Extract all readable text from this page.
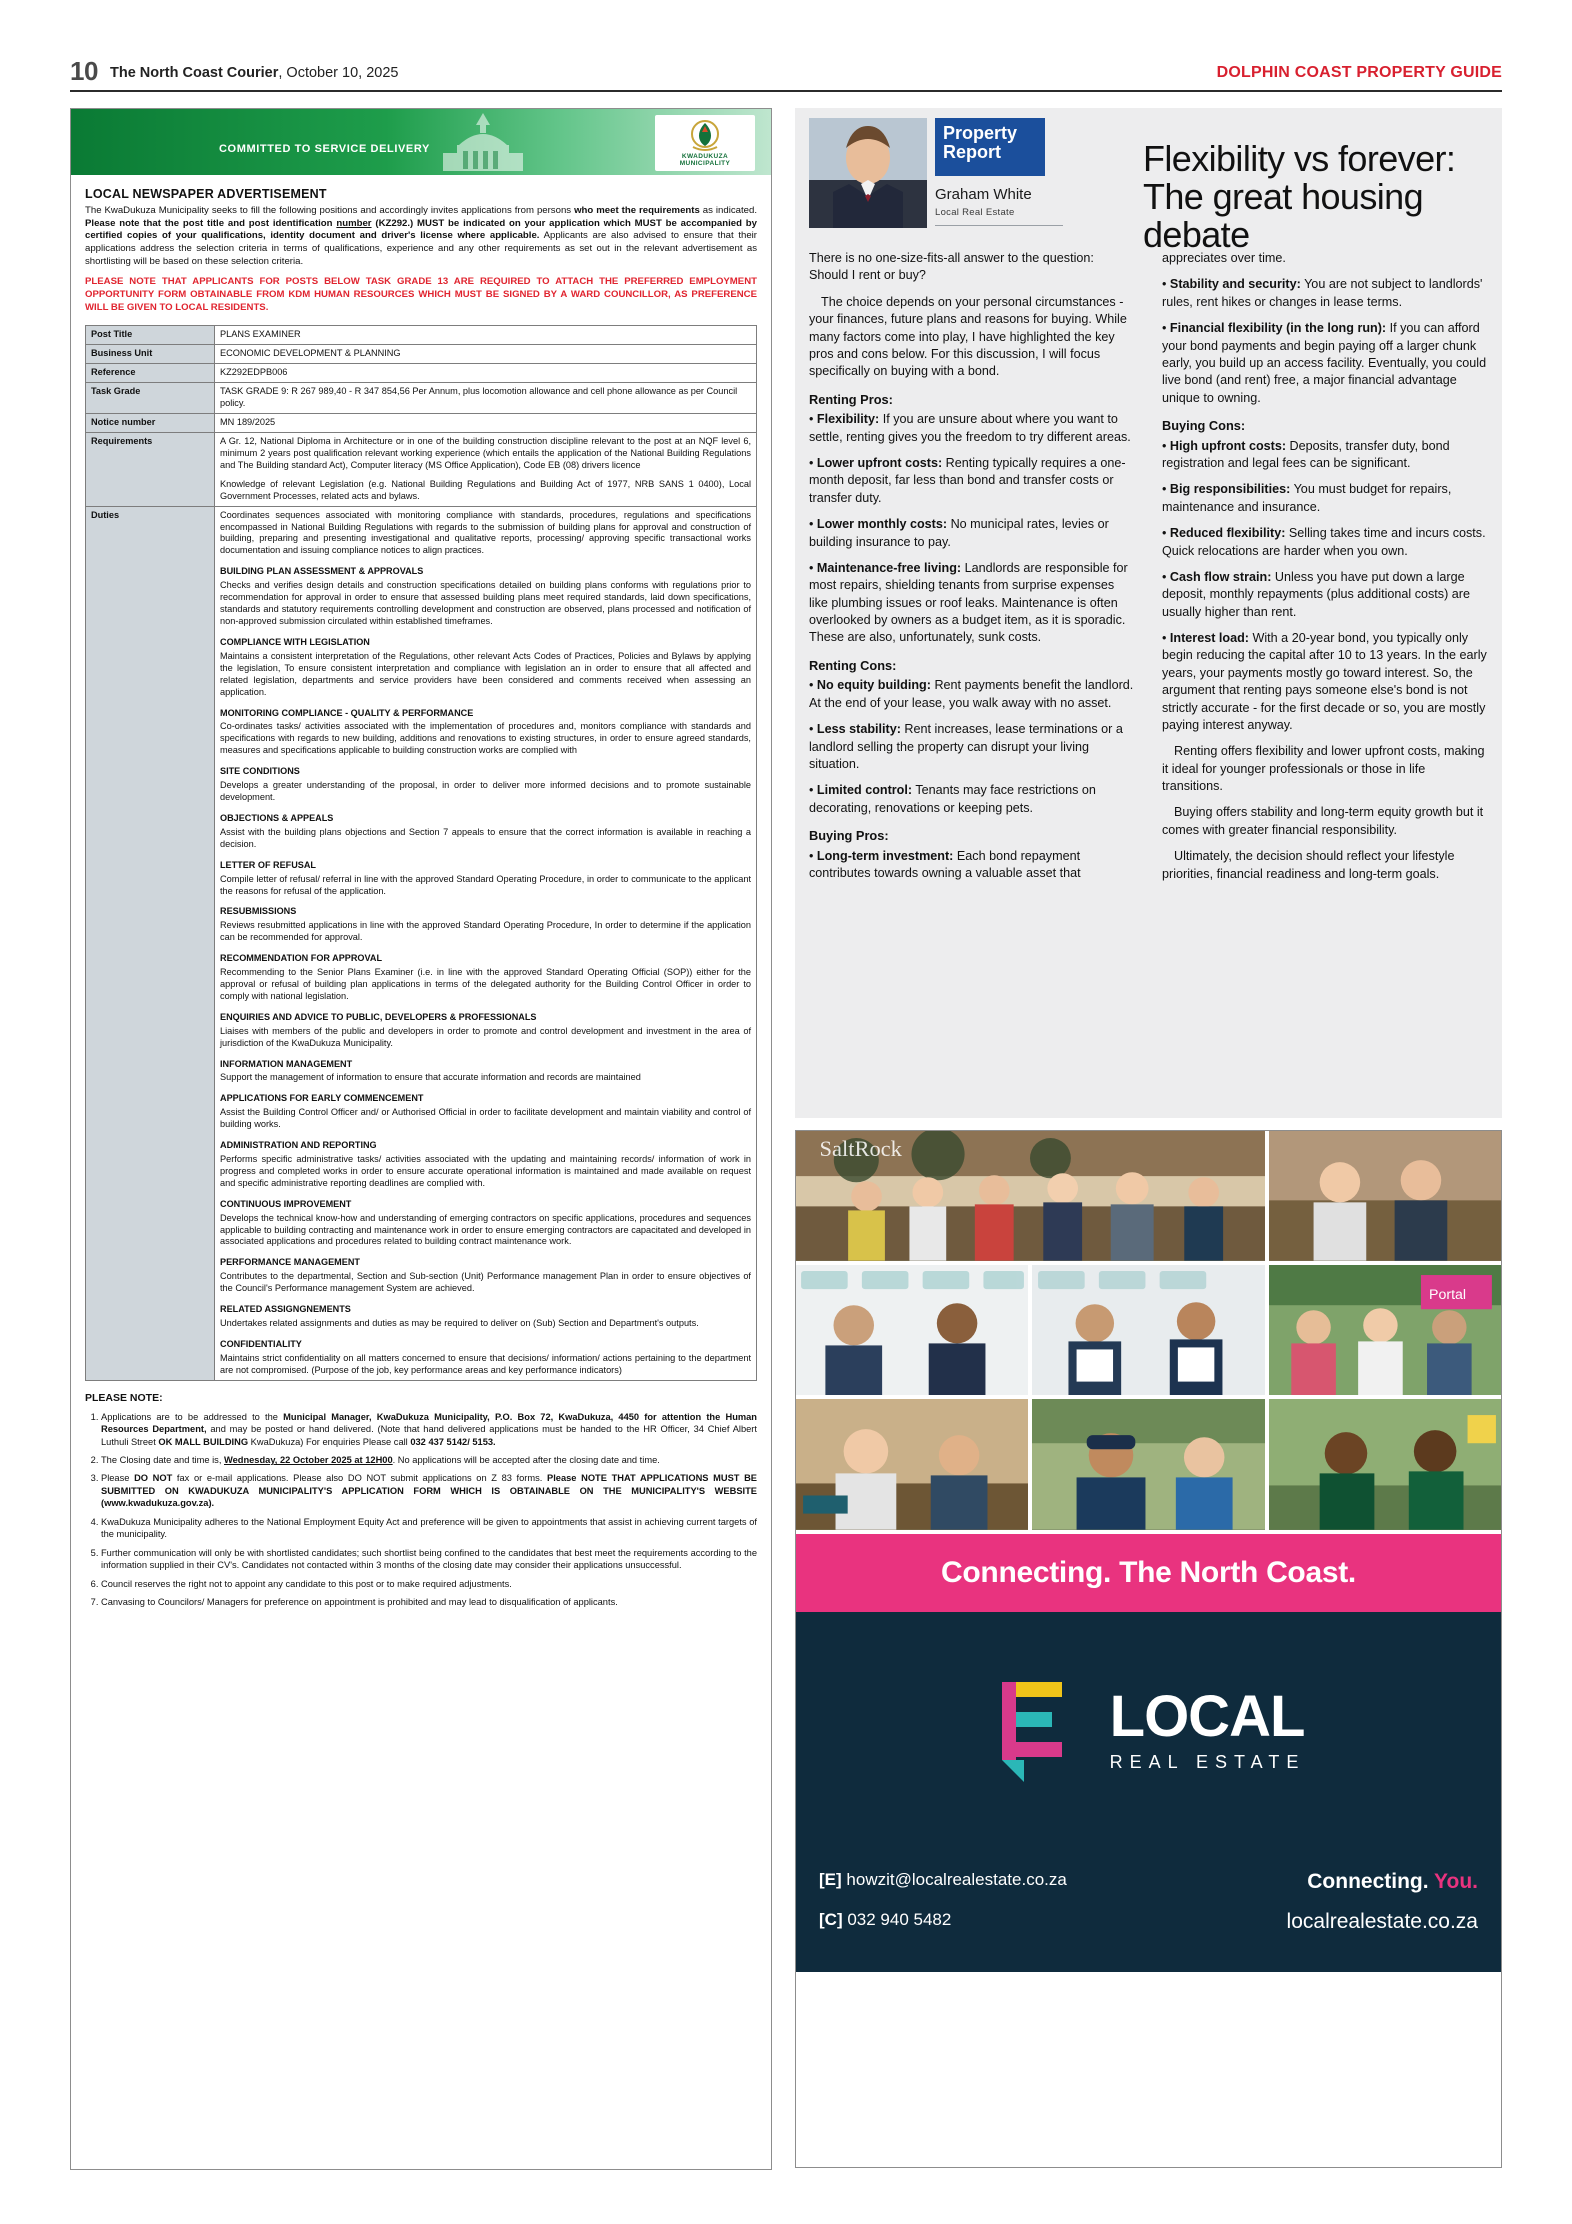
10 The North Coast Courier, October 10, 2025	DOLPHIN COAST PROPERTY GUIDE
COMMITTED TO SERVICE DELIVERY
KWADUKUZA
MUNICIPALITY
LOCAL NEWSPAPER ADVERTISEMENT

The KwaDukuza Municipality seeks to fill the following positions and accordingly invites applications from persons who meet the requirements as indicated. Please note that the post title and post identification number (KZ292.) MUST be indicated on your application which MUST be accompanied by certified copies of your qualifications, identity document and driver's license where applicable. Applicants are also advised to ensure that their applications address the selection criteria in terms of qualifications, experience and any other requirements as set out in the relevant advertisement as shortlisting will be based on these selection criteria.

PLEASE NOTE THAT APPLICANTS FOR POSTS BELOW TASK GRADE 13 ARE REQUIRED TO ATTACH THE PREFERRED EMPLOYMENT OPPORTUNITY FORM OBTAINABLE FROM KDM HUMAN RESOURCES WHICH MUST BE SIGNED BY A WARD COUNCILLOR, AS PREFERENCE WILL BE GIVEN TO LOCAL RESIDENTS.

Post Title	PLANS EXAMINER
Business Unit	ECONOMIC DEVELOPMENT & PLANNING
Reference	KZ292EDPB006
Task Grade	TASK GRADE 9: R 267 989,40 - R 347 854,56 Per Annum, plus locomotion allowance and cell phone allowance as per Council policy.
Notice number	MN 189/2025
Requirements	A Gr. 12, National Diploma in Architecture or in one of the building construction discipline relevant to the post at an NQF level 6, minimum 2 years post qualification relevant working experience (which entails the application of the National Building Regulations and The Building standard Act), Computer literacy (MS Office Application), Code EB (08) drivers licence

Knowledge of relevant Legislation (e.g. National Building Regulations and Building Act of 1977, NRB SANS 1 0400), Local Government Processes, related acts and bylaws.

Duties	Coordinates sequences associated with monitoring compliance with standards, procedures, regulations and specifications encompassed in National Building Regulations with regards to the submission of building plans for approval and construction of building, preparing and presenting investigational and qualitative reports, processing/ approving specific transactional works documentation and issuing compliance notices to align practices.

BUILDING PLAN ASSESSMENT & APPROVALS

Checks and verifies design details and construction specifications detailed on building plans conforms with regulations prior to recommendation for approval in order to ensure that assessed building plans meet required standards, laid down specifications, standards and statutory requirements controlling development and construction are observed, plans processed and notification of non-approved submission circulated within established timeframes.

COMPLIANCE WITH LEGISLATION

Maintains a consistent interpretation of the Regulations, other relevant Acts Codes of Practices, Policies and Bylaws by applying the legislation, To ensure consistent interpretation and compliance with legislation an in order to ensure that all affected and related legislation, departments and service providers have been considered and comments received when assessing an application.

MONITORING COMPLIANCE - QUALITY & PERFORMANCE

Co-ordinates tasks/ activities associated with the implementation of procedures and, monitors compliance with standards and specifications with regards to new building, additions and renovations to existing structures, in order to ensure agreed standards, measures and specifications applicable to building construction works are complied with

SITE CONDITIONS

Develops a greater understanding of the proposal, in order to deliver more informed decisions and to promote sustainable development.

OBJECTIONS & APPEALS

Assist with the building plans objections and Section 7 appeals to ensure that the correct information is available in reaching a decision.

LETTER OF REFUSAL

Compile letter of refusal/ referral in line with the approved Standard Operating Procedure, in order to communicate to the applicant the reasons for refusal of the application.

RESUBMISSIONS

Reviews resubmitted applications in line with the approved Standard Operating Procedure, In order to determine if the application can be recommended for approval.

RECOMMENDATION FOR APPROVAL

Recommending to the Senior Plans Examiner (i.e. in line with the approved Standard Operating Official (SOP)) either for the approval or refusal of building plan applications in terms of the delegated authority for the Building Control Officer in order to comply with national legislation.

ENQUIRIES AND ADVICE TO PUBLIC, DEVELOPERS & PROFESSIONALS

Liaises with members of the public and developers in order to promote and control development and investment in the area of jurisdiction of the KwaDukuza Municipality.

INFORMATION MANAGEMENT

Support the management of information to ensure that accurate information and records are maintained

APPLICATIONS FOR EARLY COMMENCEMENT

Assist the Building Control Officer and/ or Authorised Official in order to facilitate development and maintain viability and control of building works.

ADMINISTRATION AND REPORTING

Performs specific administrative tasks/ activities associated with the updating and maintaining records/ information of work in progress and completed works in order to ensure accurate operational information is maintained and made available on request and specific administrative reporting deadlines are complied with.

CONTINUOUS IMPROVEMENT

Develops the technical know-how and understanding of emerging contractors on specific applications, procedures and sequences applicable to building contracting and maintenance work in order to ensure emerging contractors are capacitated and developed in associated applications and procedures related to building contract maintenance work.

PERFORMANCE MANAGEMENT

Contributes to the departmental, Section and Sub-section (Unit) Performance management Plan in order to ensure objectives of the Council's Performance management System are achieved.

RELATED ASSIGNGNEMENTS

Undertakes related assignments and duties as may be required to deliver on (Sub) Section and Department's outputs.

CONFIDENTIALITY

Maintains strict confidentiality on all matters concerned to ensure that decisions/ information/ actions pertaining to the department are not compromised. (Purpose of the job, key performance areas and key performance indicators)

PLEASE NOTE:
1. Applications are to be addressed to the Municipal Manager, KwaDukuza Municipality, P.O. Box 72, KwaDukuza, 4450 for attention the Human Resources Department, and may be posted or hand delivered. (Note that hand delivered applications must be handed to the HR Officer, 34 Chief Albert Luthuli Street OK MALL BUILDING KwaDukuza) For enquiries Please call 032 437 5142/ 5153.
2. The Closing date and time is, Wednesday, 22 October 2025 at 12H00. No applications will be accepted after the closing date and time.
3. Please DO NOT fax or e-mail applications. Please also DO NOT submit applications on Z 83 forms. Please NOTE THAT APPLICATIONS MUST BE SUBMITTED ON KWADUKUZA MUNICIPALITY'S APPLICATION FORM WHICH IS OBTAINABLE ON THE MUNICIPALITY'S WEBSITE (www.kwadukuza.gov.za).
4. KwaDukuza Municipality adheres to the National Employment Equity Act and preference will be given to appointments that assist in achieving current targets of the municipality.
5. Further communication will only be with shortlisted candidates; such shortlist being confined to the candidates that best meet the requirements according to the information supplied in their CV's. Candidates not contacted within 3 months of the closing date may consider their applications unsuccessful.
6. Council reserves the right not to appoint any candidate to this post or to make required adjustments.
7. Canvasing to Councilors/ Managers for preference on appointment is prohibited and may lead to disqualification of applicants.
Property Report
Graham White
Local Real Estate
Flexibility vs forever: The great housing debate

There is no one-size-fits-all answer to the question: Should I rent or buy?

The choice depends on your personal circumstances - your finances, future plans and reasons for buying. While many factors come into play, I have highlighted the key pros and cons below. For this discussion, I will focus specifically on buying with a bond.

Renting Pros:

• Flexibility: If you are unsure about where you want to settle, renting gives you the freedom to try different areas.

• Lower upfront costs: Renting typically requires a one-month deposit, far less than bond and transfer costs or transfer duty.

• Lower monthly costs: No municipal rates, levies or building insurance to pay.

• Maintenance-free living: Landlords are responsible for most repairs, shielding tenants from surprise expenses like plumbing issues or roof leaks. Maintenance is often overlooked by owners as a budget item, as it is sporadic. These are also, unfortunately, sunk costs.

Renting Cons:

• No equity building: Rent payments benefit the landlord. At the end of your lease, you walk away with no asset.

• Less stability: Rent increases, lease terminations or a landlord selling the property can disrupt your living situation.

• Limited control: Tenants may face restrictions on decorating, renovations or keeping pets.

Buying Pros:

• Long-term investment: Each bond repayment contributes towards owning a valuable asset that appreciates over time.

• Stability and security: You are not subject to landlords' rules, rent hikes or changes in lease terms.

• Financial flexibility (in the long run): If you can afford your bond payments and begin paying off a larger chunk early, you build up an access facility. Eventually, you could live bond (and rent) free, a major financial advantage unique to owning.

Buying Cons:

• High upfront costs: Deposits, transfer duty, bond registration and legal fees can be significant.

• Big responsibilities: You must budget for repairs, maintenance and insurance.

• Reduced flexibility: Selling takes time and incurs costs. Quick relocations are harder when you own.

• Cash flow strain: Unless you have put down a large deposit, monthly repayments (plus additional costs) are usually higher than rent.

• Interest load: With a 20-year bond, you typically only begin reducing the capital after 10 to 13 years. In the early years, your payments mostly go toward interest. So, the argument that renting pays someone else's bond is not strictly accurate - for the first decade or so, you are mostly paying interest anyway.

Renting offers flexibility and lower upfront costs, making it ideal for younger professionals or those in life transitions.

Buying offers stability and long-term equity growth but it comes with greater financial responsibility.

Ultimately, the decision should reflect your lifestyle priorities, financial readiness and long-term goals.

SaltRock
Portal
Connecting. The North Coast.
LOCAL
REAL ESTATE
[E] howzit@localrealestate.co.za
[C] 032 940 5482
Connecting. You.
localrealestate.co.za
